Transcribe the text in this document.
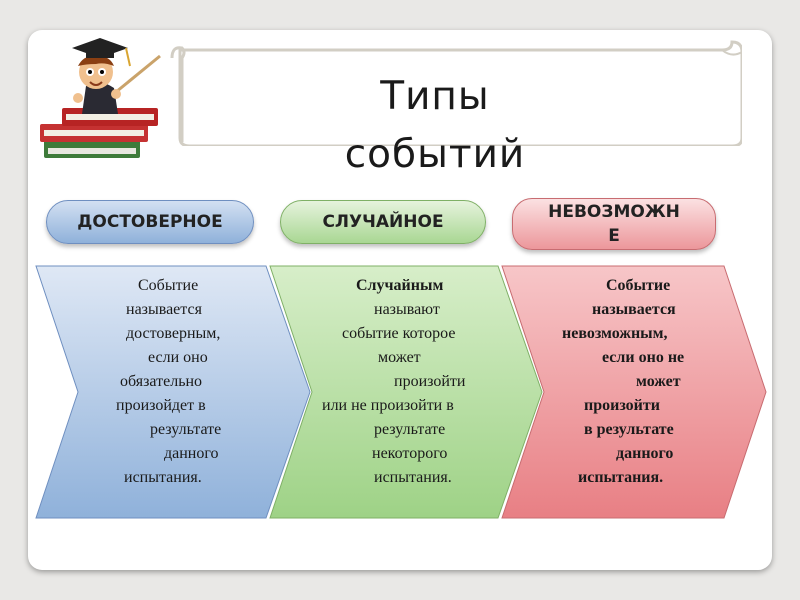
Типы
событий
ДОСТОВЕРНОЕ	СЛУЧАЙНОЕ	НЕВОЗМОЖН
Е
Событие
называется
достоверным,
если оно
обязательно
произойдет в
результате
данного
испытания.
Случайным
называют
событие которое
может
произойти
или не произойти в
результате
некоторого
испытания.
Событие
называется
невозможным,
если оно не
может
произойти
в результате
данного
испытания.
